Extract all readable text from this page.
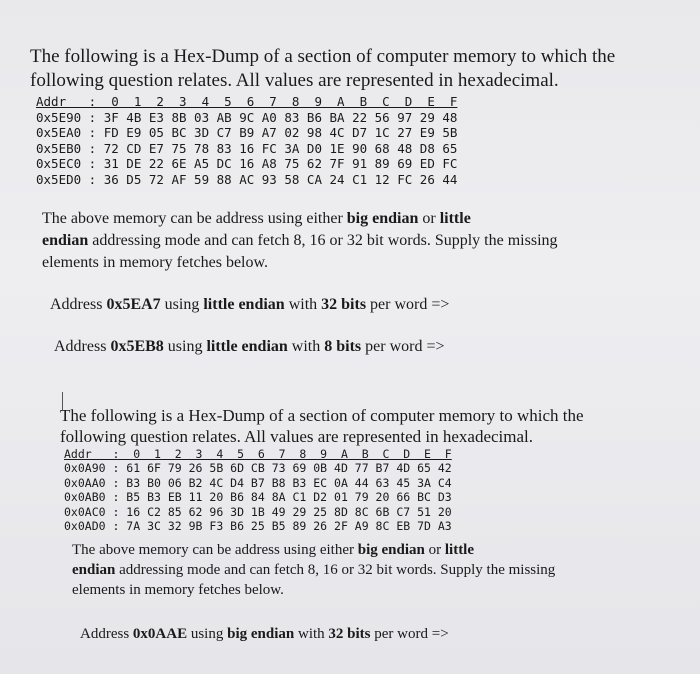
The following is a Hex-Dump of a section of computer memory to which the

following question relates. All values are represented in hexadecimal.

Addr   :  0  1  2  3  4  5  6  7  8  9  A  B  C  D  E  F
0x5E90 : 3F 4B E3 8B 03 AB 9C A0 83 B6 BA 22 56 97 29 48
0x5EA0 : FD E9 05 BC 3D C7 B9 A7 02 98 4C D7 1C 27 E9 5B
0x5EB0 : 72 CD E7 75 78 83 16 FC 3A D0 1E 90 68 48 D8 65
0x5EC0 : 31 DE 22 6E A5 DC 16 A8 75 62 7F 91 89 69 ED FC
0x5ED0 : 36 D5 72 AF 59 88 AC 93 58 CA 24 C1 12 FC 26 44

The above memory can be address using either big endian or little

endian addressing mode and can fetch 8, 16 or 32 bit words. Supply the missing

elements in memory fetches below.

Address 0x5EA7 using little endian with 32 bits per word =>

Address 0x5EB8 using little endian with 8 bits per word =>

The following is a Hex-Dump of a section of computer memory to which the

following question relates. All values are represented in hexadecimal.

Addr   :  0  1  2  3  4  5  6  7  8  9  A  B  C  D  E  F
0x0A90 : 61 6F 79 26 5B 6D CB 73 69 0B 4D 77 B7 4D 65 42
0x0AA0 : B3 B0 06 B2 4C D4 B7 B8 B3 EC 0A 44 63 45 3A C4
0x0AB0 : B5 B3 EB 11 20 B6 84 8A C1 D2 01 79 20 66 BC D3
0x0AC0 : 16 C2 85 62 96 3D 1B 49 29 25 8D 8C 6B C7 51 20
0x0AD0 : 7A 3C 32 9B F3 B6 25 B5 89 26 2F A9 8C EB 7D A3

The above memory can be address using either big endian or little

endian addressing mode and can fetch 8, 16 or 32 bit words. Supply the missing

elements in memory fetches below.

Address 0x0AAE using big endian with 32 bits per word =>
